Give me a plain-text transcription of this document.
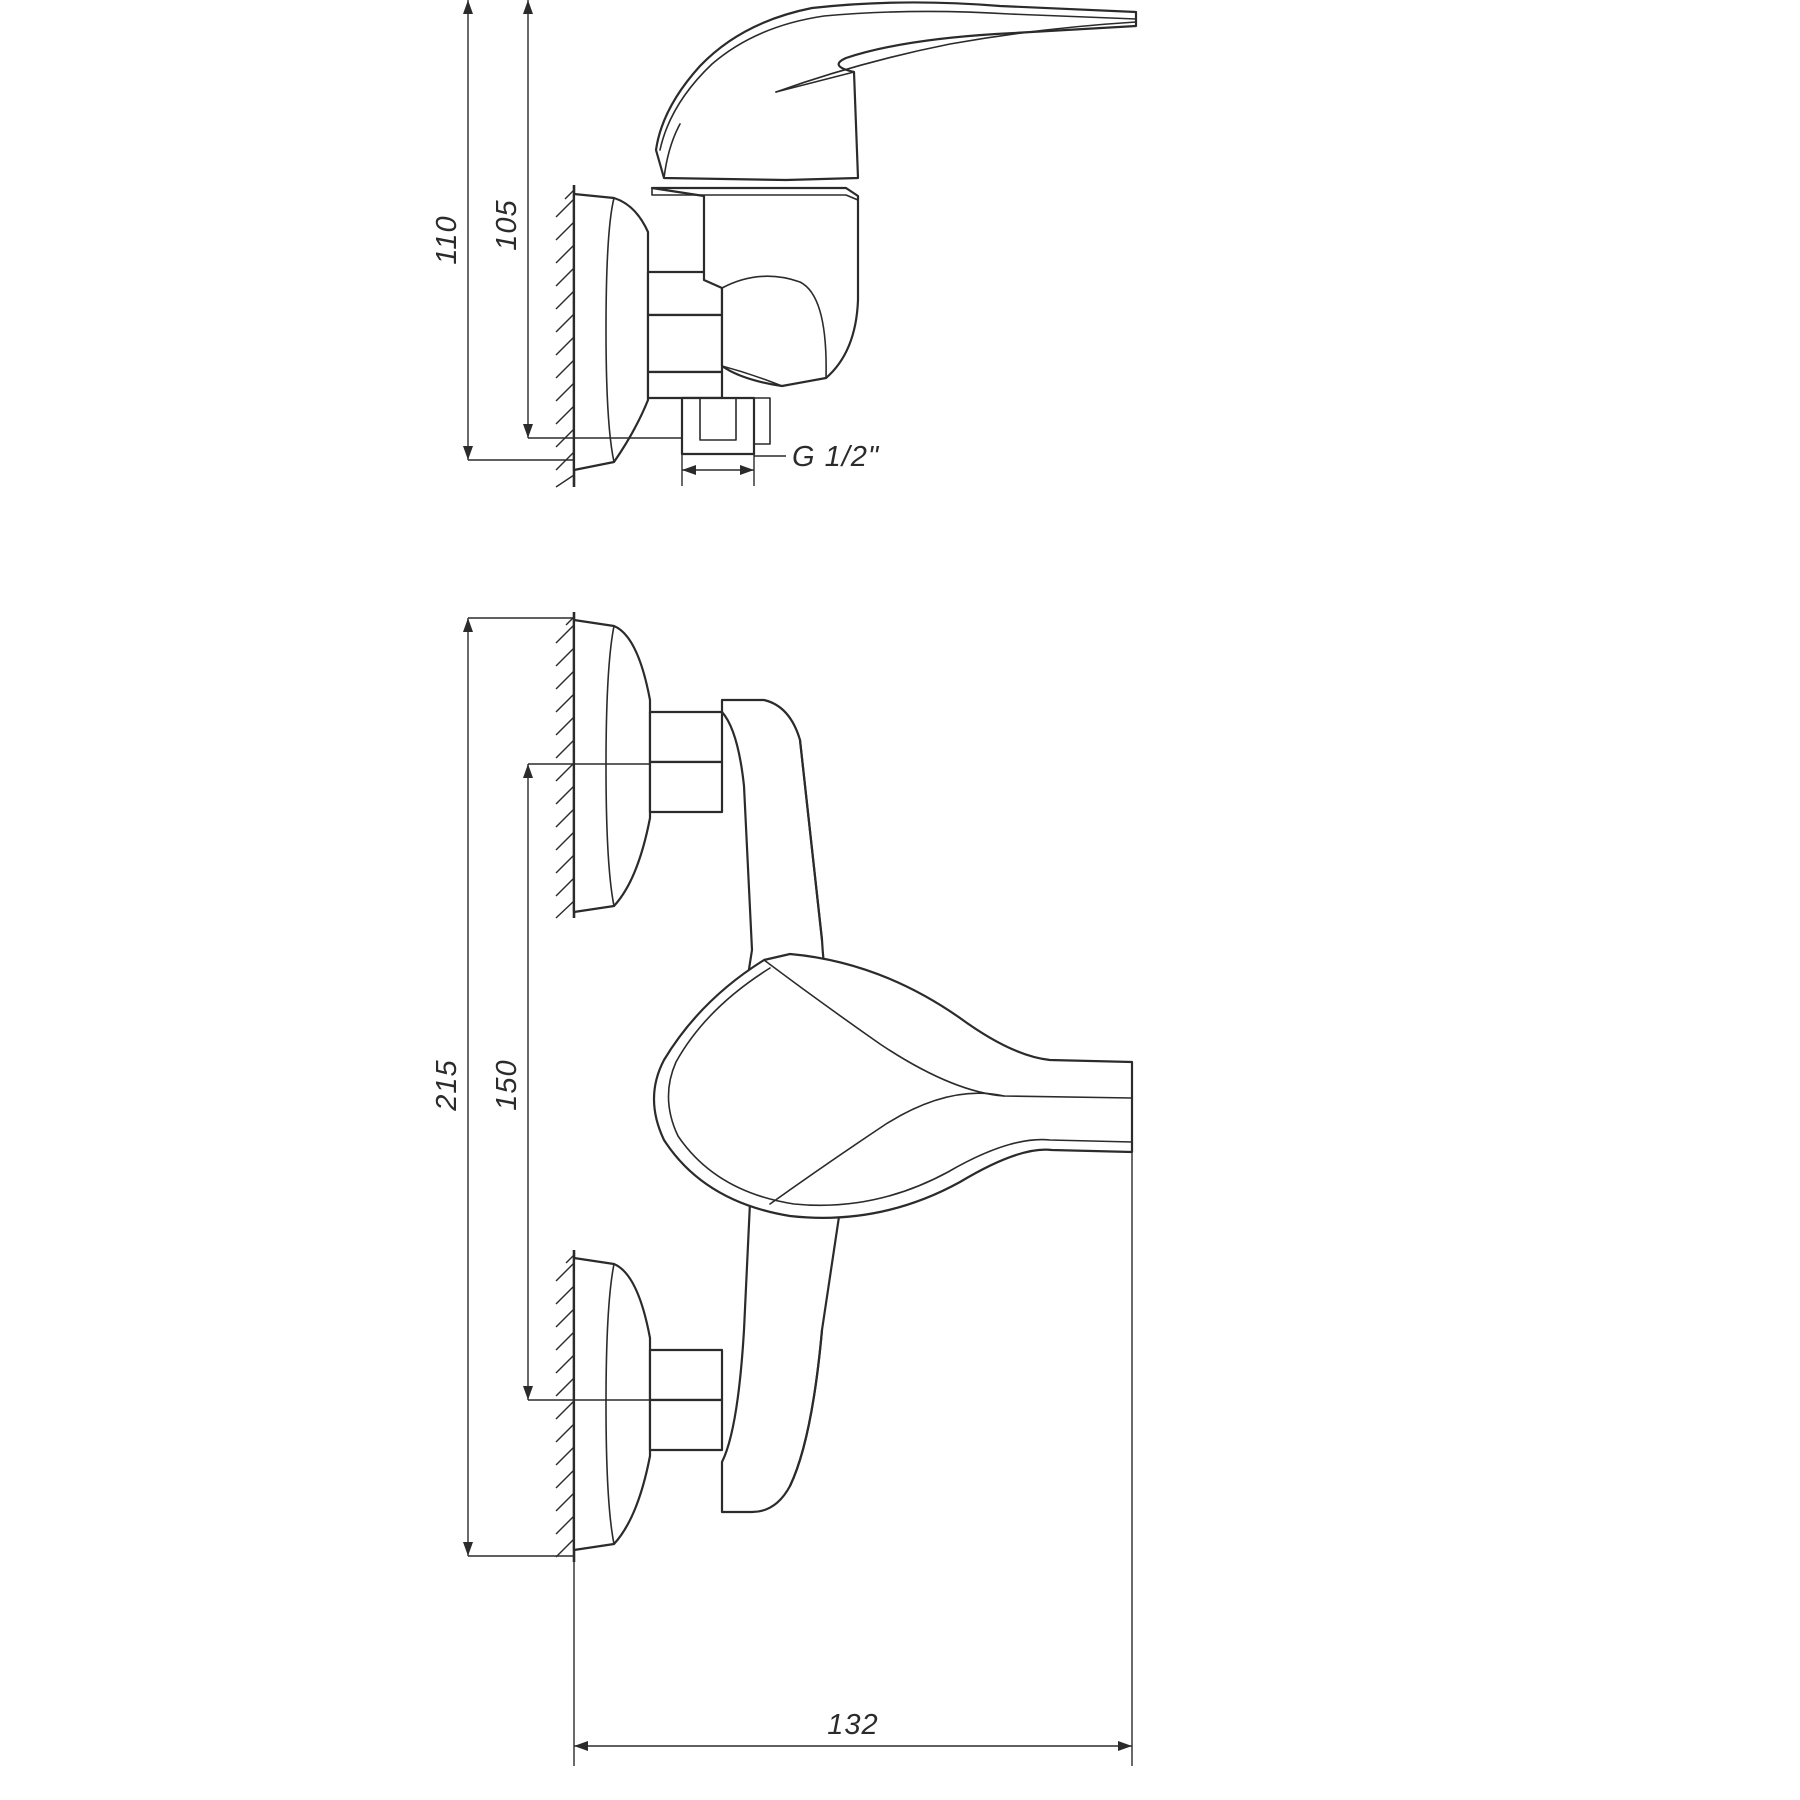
110 105
G 1/2"
215 150
132
